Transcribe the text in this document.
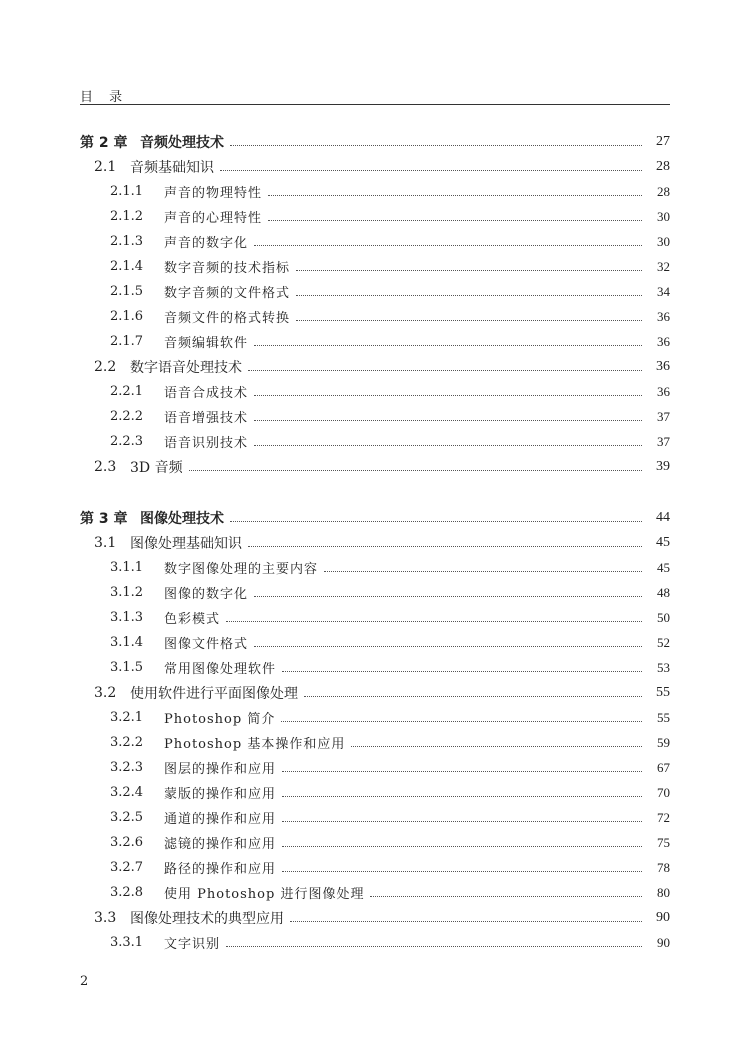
目 录
第 2 章 音频处理技术	27
2.1 音频基础知识	28
2.1.1	声音的物理特性	28
2.1.2	声音的心理特性	30
2.1.3	声音的数字化	30
2.1.4	数字音频的技术指标	32
2.1.5	数字音频的文件格式	34
2.1.6	音频文件的格式转换	36
2.1.7	音频编辑软件	36
2.2 数字语音处理技术	36
2.2.1	语音合成技术	36
2.2.2	语音增强技术	37
2.2.3	语音识别技术	37
2.3 3D 音频	39
第 3 章 图像处理技术	44
3.1 图像处理基础知识	45
3.1.1	数字图像处理的主要内容	45
3.1.2	图像的数字化	48
3.1.3	色彩模式	50
3.1.4	图像文件格式	52
3.1.5	常用图像处理软件	53
3.2 使用软件进行平面图像处理	55
3.2.1	Photoshop 简介	55
3.2.2	Photoshop 基本操作和应用	59
3.2.3	图层的操作和应用	67
3.2.4	蒙版的操作和应用	70
3.2.5	通道的操作和应用	72
3.2.6	滤镜的操作和应用	75
3.2.7	路径的操作和应用	78
3.2.8	使用 Photoshop 进行图像处理	80
3.3 图像处理技术的典型应用	90
3.3.1	文字识别	90
2
